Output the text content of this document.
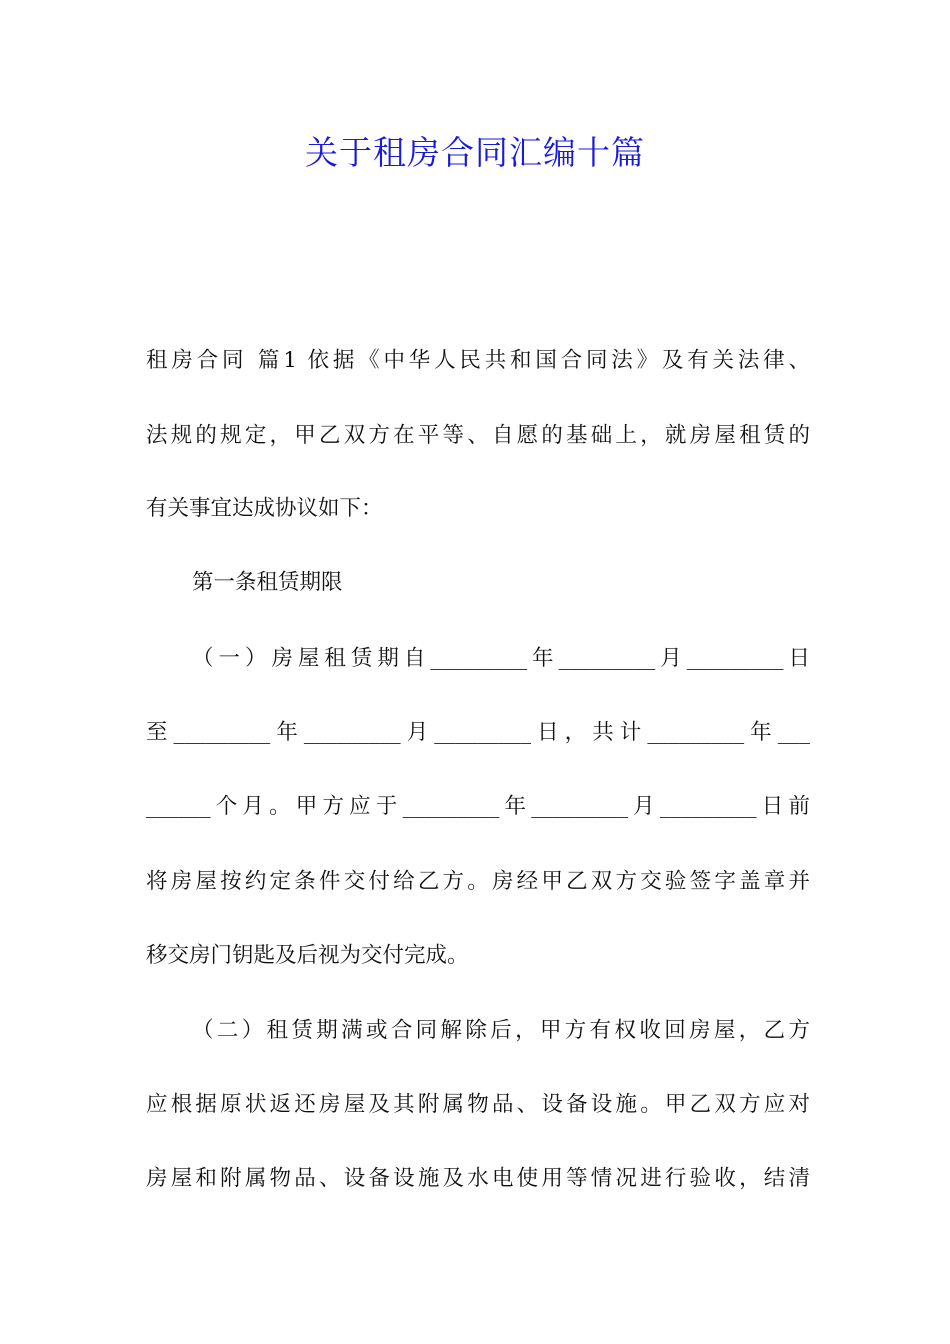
关于租房合同汇编十篇
租房合同 篇1 依据《中华人民共和国合同法》及有关法律、
法规的规定，甲乙双方在平等、自愿的基础上，就房屋租赁的
有关事宜达成协议如下：
第一条租赁期限
（一）房屋租赁期自_________年_________月_________日
至_________年_________月_________日，共计_________年___
______个月。甲方应于_________年_________月_________日前
将房屋按约定条件交付给乙方。房经甲乙双方交验签字盖章并
移交房门钥匙及后视为交付完成。
（二）租赁期满或合同解除后，甲方有权收回房屋，乙方
应根据原状返还房屋及其附属物品、设备设施。甲乙双方应对
房屋和附属物品、设备设施及水电使用等情况进行验收，结清
